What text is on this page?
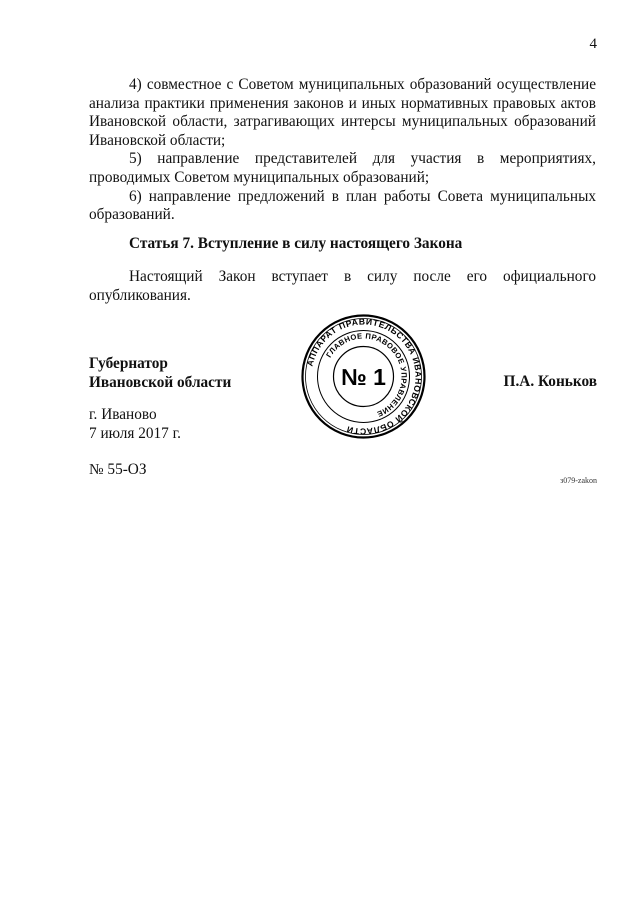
4

4) совместное с Советом муниципальных образований осуществление анализа практики применения законов и иных нормативных правовых актов Ивановской области, затрагивающих интерсы муниципальных образований Ивановской области;

5) направление представителей для участия в мероприятиях, проводимых Советом муниципальных образований;

6) направление предложений в план работы Совета муниципальных образований.

Статья 7. Вступление в силу настоящего Закона

Настоящий Закон вступает в силу после его официального опубликования.

Губернатор
Ивановской области	П.А. Коньков
АППАРАТ ПРАВИТЕЛЬСТВА ИВАНОВСКОЙ ОБЛАСТИ
ГЛАВНОЕ ПРАВОВОЕ УПРАВЛЕНИЕ
№ 1
г. Иваново
7 июля 2017 г.
№ 55-ОЗ
з079-zakon
